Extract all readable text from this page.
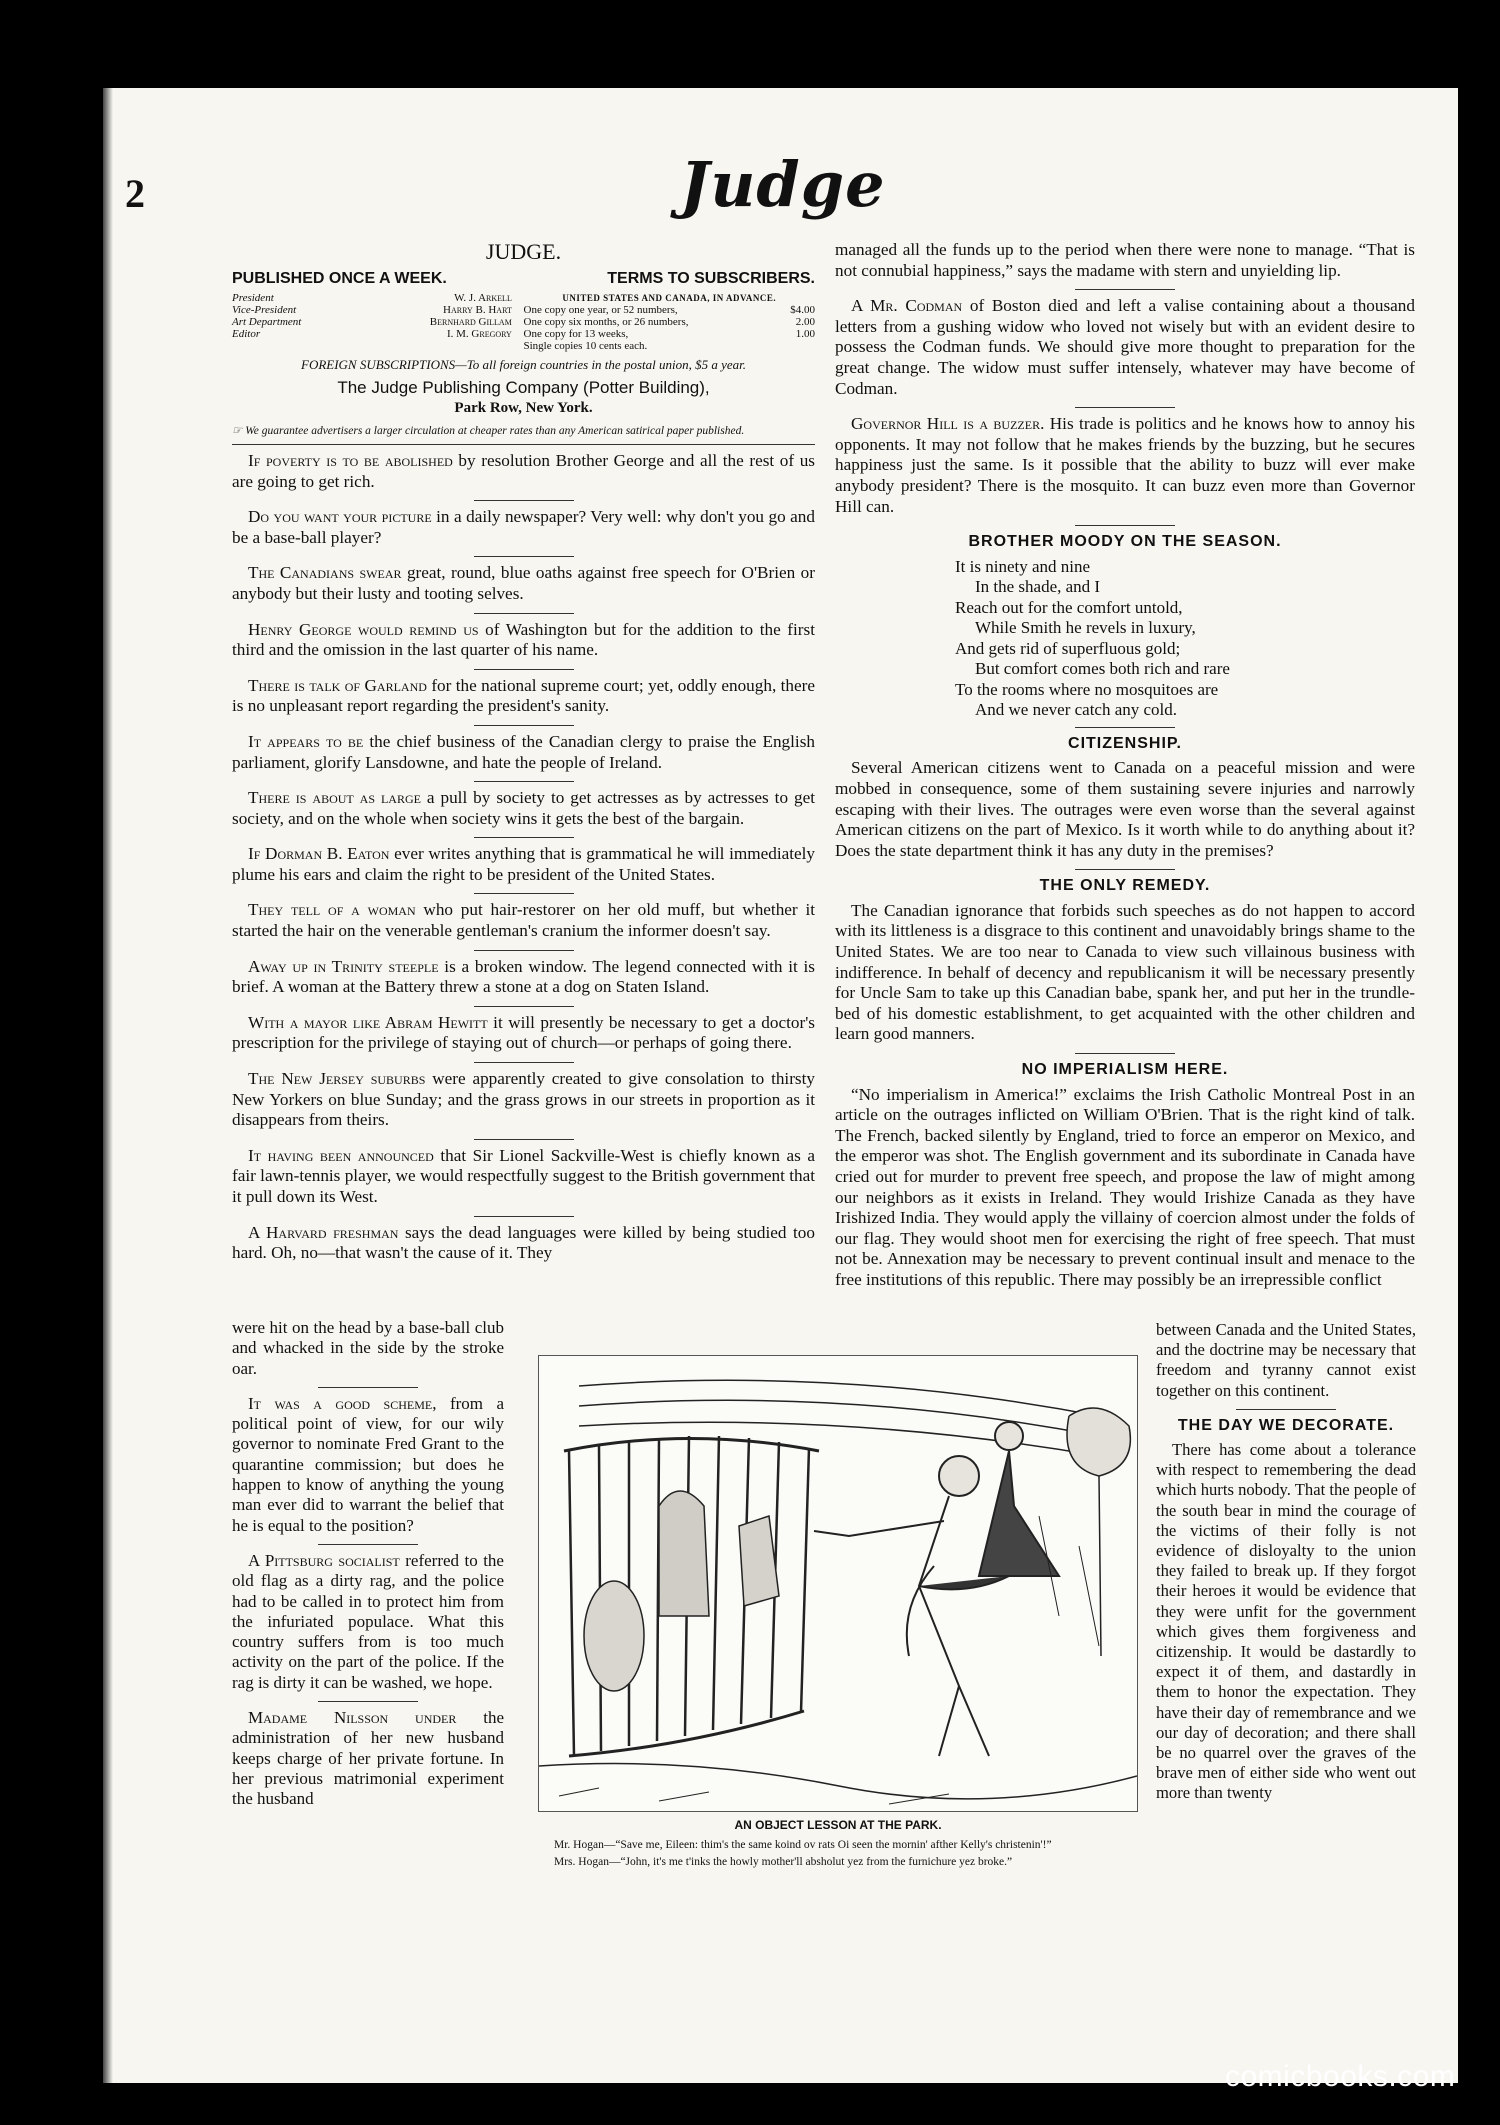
2	Judge
JUDGE.
PUBLISHED ONCE A WEEK.	TERMS TO SUBSCRIBERS.
President	W. J. Arkell
Vice-President	Harry B. Hart
Art Department	Bernhard Gillam
Editor	I. M. Gregory
UNITED STATES AND CANADA, IN ADVANCE.
One copy one year, or 52 numbers,	$4.00
One copy six months, or 26 numbers,	2.00
One copy for 13 weeks,	1.00
Single copies 10 cents each.
FOREIGN SUBSCRIPTIONS—To all foreign countries in the postal union, $5 a year.
The Judge Publishing Company (Potter Building),
Park Row, New York.
☞ We guarantee advertisers a larger circulation at cheaper rates than any American satirical paper published.

If poverty is to be abolished by resolution Brother George and all the rest of us are going to get rich.

Do you want your picture in a daily newspaper? Very well: why don't you go and be a base-ball player?

The Canadians swear great, round, blue oaths against free speech for O'Brien or anybody but their lusty and tooting selves.

Henry George would remind us of Washington but for the addition to the first third and the omission in the last quarter of his name.

There is talk of Garland for the national supreme court; yet, oddly enough, there is no unpleasant report regarding the president's sanity.

It appears to be the chief business of the Canadian clergy to praise the English parliament, glorify Lansdowne, and hate the people of Ireland.

There is about as large a pull by society to get actresses as by actresses to get society, and on the whole when society wins it gets the best of the bargain.

If Dorman B. Eaton ever writes anything that is grammatical he will immediately plume his ears and claim the right to be president of the United States.

They tell of a woman who put hair-restorer on her old muff, but whether it started the hair on the venerable gentleman's cranium the informer doesn't say.

Away up in Trinity steeple is a broken window. The legend connected with it is brief. A woman at the Battery threw a stone at a dog on Staten Island.

With a mayor like Abram Hewitt it will presently be necessary to get a doctor's prescription for the privilege of staying out of church—or perhaps of going there.

The New Jersey suburbs were apparently created to give consolation to thirsty New Yorkers on blue Sunday; and the grass grows in our streets in proportion as it disappears from theirs.

It having been announced that Sir Lionel Sackville-West is chiefly known as a fair lawn-tennis player, we would respectfully suggest to the British government that it pull down its West.

A Harvard freshman says the dead languages were killed by being studied too hard. Oh, no—that wasn't the cause of it. They

were hit on the head by a base-ball club and whacked in the side by the stroke oar.

It was a good scheme, from a political point of view, for our wily governor to nominate Fred Grant to the quarantine commission; but does he happen to know of anything the young man ever did to warrant the belief that he is equal to the position?

A Pittsburg socialist referred to the old flag as a dirty rag, and the police had to be called in to protect him from the infuriated populace. What this country suffers from is too much activity on the part of the police. If the rag is dirty it can be washed, we hope.

Madame Nilsson under the administration of her new husband keeps charge of her private fortune. In her previous matrimonial experiment the husband

managed all the funds up to the period when there were none to manage. “That is not connubial happiness,” says the madame with stern and unyielding lip.

A Mr. Codman of Boston died and left a valise containing about a thousand letters from a gushing widow who loved not wisely but with an evident desire to possess the Codman funds. We should give more thought to preparation for the great change. The widow must suffer intensely, whatever may have become of Codman.

Governor Hill is a buzzer. His trade is politics and he knows how to annoy his opponents. It may not follow that he makes friends by the buzzing, but he secures happiness just the same. Is it possible that the ability to buzz will ever make anybody president? There is the mosquito. It can buzz even more than Governor Hill can.

BROTHER MOODY ON THE SEASON.
It is ninety and nine
In the shade, and I
Reach out for the comfort untold,
While Smith he revels in luxury,
And gets rid of superfluous gold;
But comfort comes both rich and rare
To the rooms where no mosquitoes are
And we never catch any cold.
CITIZENSHIP.

Several American citizens went to Canada on a peaceful mission and were mobbed in consequence, some of them sustaining severe injuries and narrowly escaping with their lives. The outrages were even worse than the several against American citizens on the part of Mexico. Is it worth while to do anything about it? Does the state department think it has any duty in the premises?

THE ONLY REMEDY.

The Canadian ignorance that forbids such speeches as do not happen to accord with its littleness is a disgrace to this continent and unavoidably brings shame to the United States. We are too near to Canada to view such villainous business with indifference. In behalf of decency and republicanism it will be necessary presently for Uncle Sam to take up this Canadian babe, spank her, and put her in the trundle-bed of his domestic establishment, to get acquainted with the other children and learn good manners.

NO IMPERIALISM HERE.

“No imperialism in America!” exclaims the Irish Catholic Montreal Post in an article on the outrages inflicted on William O'Brien. That is the right kind of talk. The French, backed silently by England, tried to force an emperor on Mexico, and the emperor was shot. The English government and its subordinate in Canada have cried out for murder to prevent free speech, and propose the law of might among our neighbors as it exists in Ireland. They would Irishize Canada as they have Irishized India. They would apply the villainy of coercion almost under the folds of our flag. They would shoot men for exercising the right of free speech. That must not be. Annexation may be necessary to prevent continual insult and menace to the free institutions of this republic. There may possibly be an irrepressible conflict

between Canada and the United States, and the doctrine may be necessary that freedom and tyranny cannot exist together on this continent.

THE DAY WE DECORATE.

There has come about a tolerance with respect to remembering the dead which hurts nobody. That the people of the south bear in mind the courage of the victims of their folly is not evidence of disloyalty to the union they failed to break up. If they forgot their heroes it would be evidence that they were unfit for the government which gives them forgiveness and citizenship. It would be dastardly to expect it of them, and dastardly in them to honor the expectation. They have their day of remembrance and we our day of decoration; and there shall be no quarrel over the graves of the brave men of either side who went out more than twenty

AN OBJECT LESSON AT THE PARK.

Mr. Hogan—“Save me, Eileen: thim's the same koind ov rats Oi seen the mornin' afther Kelly's christenin'!”

Mrs. Hogan—“John, it's me t'inks the howly mother'll absholut yez from the furnichure yez broke.”

comicbooks.com
